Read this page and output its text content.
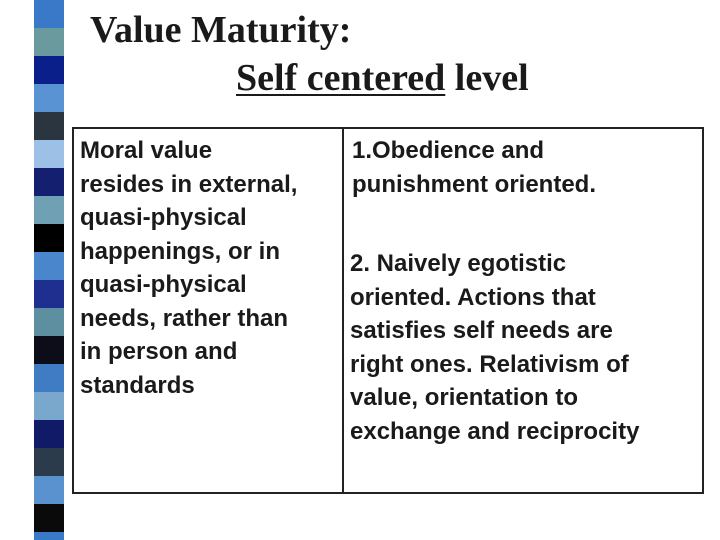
Value Maturity:
Self centered level
Moral value
resides in external,
quasi-physical
happenings, or in
quasi-physical
needs, rather than
in person and
standards
1.Obedience and
punishment oriented.
2. Naively egotistic
oriented. Actions that
satisfies self needs are
right ones. Relativism of
value, orientation to
exchange and reciprocity
